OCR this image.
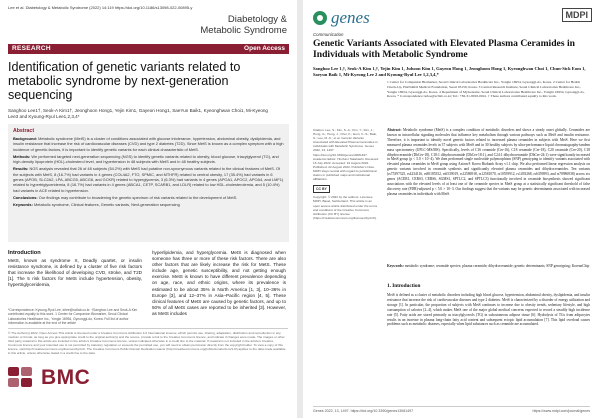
Lee et al. Diabetology & Metabolic Syndrome (2022) 14:119 https://doi.org/10.1186/s13098-022-00895-y
Diabetology & Metabolic Syndrome
RESEARCH	Open Access
Identification of genetic variants related to metabolic syndrome by next-generation sequencing
Sanghoo Lee1†, Seok-A Kim1†, Jeonghoon Hong1, Yejin Kim1, Gayeon Hong1, SaeYun Baik1, Kyeonghwan Choi1, Mi-Kyeong Lee3 and Kyoung-Ryul Lee1,2,3,4*
Abstract

Background: Metabolic syndrome (MetS) is a cluster of conditions associated with glucose intolerance, hypertension, abdominal obesity, dyslipidemia, and insulin resistance that increase the risk of cardiovascular diseases (CVD) and type 2 diabetes (T2D). Since MetS is known as a complex symptom with a high incidence of genetic factors, it is important to identify genetic variants for each clinical characteristic of MetS.

Methods: We performed targeted next-generation sequencing (NGS) to identify genetic variants related to obesity, blood glucose, triacylglycerol (TG), and high-density lipoprotein (HDL)-cholesterol level, and hypertension in 48 subjects with MetS and in 48 healthy subjects.

Results: NGS analysis revealed that 26 of 48 subjects (54.2%) with MetS had putative non-synonymous variants related to the clinical features of MetS. Of the subjects with MetS, 8 (16.7%) had variants in 4 genes (COL4A2, FTO, SPMIC, and MTHFR) related to central obesity, 17 (35.4%) had variants in 6 genes (APOB, SLC2A2, LPA, ABCG5, ABCG8, and GCKR) related to hyperglycemia, 3 (6.3%) had variants in 4 genes (APOA1, APOC2, APOA4, and LMF1) related to hypertriglyceridemia, 8 (16.7%) had variants in 4 genes (ABCA1, CETP, SCARB1, and LDLR) related to low HDL-cholesterolemia, and 5 (10.4%) had variants in ACE related to hypertension.

Conclusions: Our findings may contribute to broadening the genetic spectrum of risk variants related to the development of MetS.

Keywords: Metabolic syndrome, Clinical features, Genetic variants, Next-generation sequencing

Introduction
MetS, known as syndrome X, Deadly quartet, or insulin resistance syndrome, is defined by a cluster of five risk factors that increase the likelihood of developing CVD, stroke, and T2D [1]. The 5 risk factors for MetS include hypertension, obesity, hypertriglyceridemia,
hyperlipidemia, and hyperglycemia. MetS is diagnosed when someone has three or more of these risk factors. There are also other factors that are likely increase the risk for MetS. These include age, genetic susceptibility, and not getting enough exercise. MetS is known to have different prevalence depending on age, race, and ethnic origins, where its prevalence is estimated to be about 35% in North America [1, 3], 10–36% in Europe [3], and 12–37% in Asia–Pacific region [4, 5]. These clinical features of MetS are caused by genetic factors, and up to 50% of all MetS cases are reported to be inherited [3]. However, as MetS includes
*Correspondence: Kyoung-Ryul Lee, krlee@scllab.co.kr. †Sanghoo Lee and Seok-A Kim contributed equally to this work. 1 Center for Companion Biomarker, Seoul Clinical Laboratories Healthcare Inc., Yongin 16954, Gyeonggi-do, Korea. Full list of author information is available at the end of the article
© The Author(s) 2022. Open Access This article is licensed under a Creative Commons Attribution 4.0 International License, which permits use, sharing, adaptation, distribution and reproduction in any medium or format, as long as you give appropriate credit to the original author(s) and the source, provide a link to the Creative Commons licence, and indicate if changes were made. The images or other third party material in this article are included in the article's Creative Commons licence, unless indicated otherwise in a credit line to the material. If material is not included in the article's Creative Commons licence and your intended use is not permitted by statutory regulation or exceeds the permitted use, you will need to obtain permission directly from the copyright holder. To view a copy of this licence, visit http://creativecommons.org/licenses/by/4.0/. The Creative Commons Public Domain Dedication waiver (http://creativecommons.org/publicdomain/zero/1.0/) applies to the data made available in this article, unless otherwise stated in a credit line to the data.
BMC
genes	MDPI
Communication
Genetic Variants Associated with Elevated Plasma Ceramides in Individuals with Metabolic Syndrome
Sanghoo Lee 1,†, Seok-A Kim 1,†, Yejin Kim 1, Juhoon Kim 1, Gayeon Hong 1, Jeonghoon Hong 1, Kyeonghwan Choi 1, Chun-Sick Eom 1, Saeyun Baik 1, Mi-Kyeong Lee 2 and Kyoung-Ryul Lee 1,2,3,4,*
1 Center for Companion Biomarker, Seoul Clinical Laboratories Healthcare Inc., Yongin 16954, Gyeonggi-do, Korea. 2 Center for Health Check-Up, HANARO Medical Foundation, Seoul 03159, Korea. 3 Central Research Institute, Seoul Clinical Laboratories Healthcare Inc., Yongin 16954, Gyeonggi-do, Korea. 4 Department of MyGenome, Seoul Clinical Laboratories Healthcare Inc., Yongin 16954, Gyeonggi-do, Korea. * Correspondence: krlee@scllab.co.kr; Tel.: +82-31-8010-0041. † These authors contributed equally to this work.
Citation: Lee, S.; Kim, S.-A.; Kim, Y.; Kim, J.; Hong, G.; Hong, J.; Choi, K.; Eom, C.-S.; Baik, S.; Lee, M.-K.; et al. Genetic Variants Associated with Elevated Plasma Ceramides in Individuals with Metabolic Syndrome. Genes 2022, 13, 1497. https://doi.org/10.3390/genes13081497. Academic Editor: Hirofumi Takahashi. Received: 15 July 2022. Accepted: 19 August 2022. Published: 22 August 2022. Publisher's Note: MDPI stays neutral with regard to jurisdictional claims in published maps and institutional affiliations.
CC BY
Copyright: © 2022 by the authors. Licensee MDPI, Basel, Switzerland. This article is an open access article distributed under the terms and conditions of the Creative Commons Attribution (CC BY) license (https://creativecommons.org/licenses/by/4.0/).
Abstract: Metabolic syndrome (MetS) is a complex condition of metabolic disorders and shows a steady onset globally. Ceramides are known as intracellular signaling molecules that influence key metabolism through various pathways such as MetS and insulin resistance. Therefore, it is important to identify novel genetic factors related to increased plasma ceramides in subjects with MetS. Here we first measured plasma ceramides levels in 37 subjects with MetS and in 30 healthy subjects by ultra-performance liquid chromatography-tandem mass spectrometry (UPLC-MS/MS). Specifically, levels of C16 ceramide (Cer-16), C18 ceramide (Cer-18), C20 ceramide (Cer-20), C18 dihydroceramide (DhCer-18), C18:1 dihydroceramide (DhCer-18:1), and C24:1 dihydroceramide (DhCer-24:1) were significantly increased in MetS group (p < 5.0 × 10−4). We then performed single nucleotide polymorphism (SNP) genotyping to identify variants associated with elevated plasma ceramides in MetS group using Axiom® Korea Biobank Array v1.1 chip. We also performed linear regression analysis on genetic variants involved in ceramide synthesis and significantly elevated plasma ceramides and dihydroceramides. Ten variants (rs75397325, rs4234116, rs80185352, rs6539019, rs12586918, rs12581070, rs10559912, rs1493268, rs6359893, and rs78986938) across six genes (ACER1, CERS3, CERS6, SGMS1, SPTLC2, and SPTLC3) functionally involved in ceramide biosynthesis showed significant associations with the elevated levels of at least one of the ceramide species in MetS group at a statistically significant threshold of false discovery rate (FDR)-adjusted p < 5.0 × 10−3. Our findings suggest that the variants may be genetic determinants associated with increased plasma ceramides in individuals with MetS.
Keywords: metabolic syndrome; ceramide species; plasma ceramide; dihydroceramide; genetic determinants; SNP genotyping; KoreanChip
1. Introduction
MetS is defined as a cluster of metabolic disorders including high blood glucose, hypertension, abdominal obesity, dyslipidemia, and insulin resistance that increase the risk of cardiovascular diseases and type 2 diabetes. MetS is characterized by a disorder of energy utilization and storage [1]. In particular, the proportion of subjects with MetS continues to increase due to obesity trends, sedentary lifestyle, and high consumption of calories [2–4], which makes MetS one of the major global medical concerns expected to record a steadily high incidence rate [5]. Fatty acids are stored primarily as triacylglycerols (TG) in subcutaneous adipose tissue [6]. Hydrolysis of TGs from adipocytes results in an increase in plasma long-chain fatty acid content and subsequent ectopic lipid accumulation [7]. This lipid overload causes problems such as metabolic diseases, especially when lipid substances such as ceramide are accumulated.
Genes 2022, 13, 1497. https://doi.org/10.3390/genes13081497	https://www.mdpi.com/journal/genes
